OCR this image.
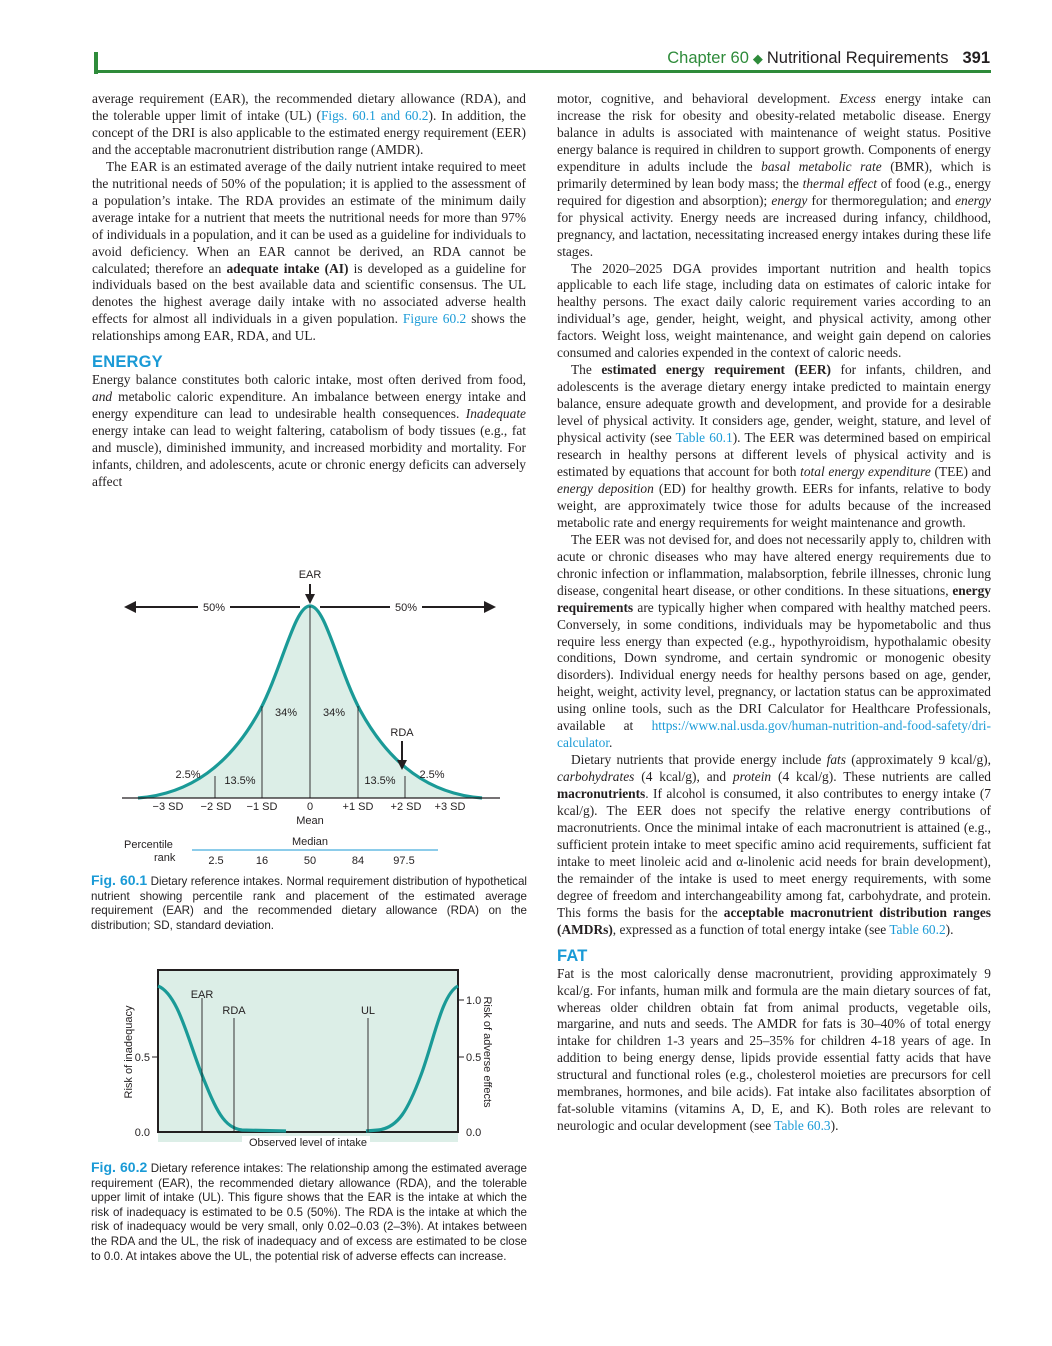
Chapter 60 ◆ Nutritional Requirements 391

average requirement (EAR), the recommended dietary allowance (RDA), and the tolerable upper limit of intake (UL) (Figs. 60.1 and 60.2). In addition, the concept of the DRI is also applicable to the estimated energy requirement (EER) and the acceptable macronutrient distribution range (AMDR).

The EAR is an estimated average of the daily nutrient intake required to meet the nutritional needs of 50% of the population; it is applied to the assessment of a population’s intake. The RDA provides an estimate of the minimum daily average intake for a nutrient that meets the nutritional needs for more than 97% of individuals in a population, and it can be used as a guideline for individuals to avoid deficiency. When an EAR cannot be derived, an RDA cannot be calculated; therefore an adequate intake (AI) is developed as a guideline for individuals based on the best available data and scientific consensus. The UL denotes the highest average daily intake with no associated adverse health effects for almost all individuals in a given population. Figure 60.2 shows the relationships among EAR, RDA, and UL.

ENERGY

Energy balance constitutes both caloric intake, most often derived from food, and metabolic caloric expenditure. An imbalance between energy intake and energy expenditure can lead to undesirable health consequences. Inadequate energy intake can lead to weight faltering, catabolism of body tissues (e.g., fat and muscle), diminished immunity, and increased morbidity and mortality. For infants, children, and adolescents, acute or chronic energy deficits can adversely affect

50%	50%
EAR
RDA
34% 34%
13.5%	13.5%
2.5%	2.5%
−3 SD −2 SD −1 SD	0	+1 SD +2 SD +3 SD
Mean
Median
Percentile
rank	2.5	16	50	84	97.5
Fig. 60.1 Dietary reference intakes. Normal requirement distribution of hypothetical nutrient showing percentile rank and placement of the estimated average requirement (EAR) and the recommended dietary allowance (RDA) on the distribution; SD, standard deviation.
EAR
RDA	UL
0.5
0.0
1.0
0.5
0.0
Observed level of intake
Risk of inadequacy	Risk of adverse effects
Fig. 60.2 Dietary reference intakes: The relationship among the estimated average requirement (EAR), the recommended dietary allowance (RDA), and the tolerable upper limit of intake (UL). This figure shows that the EAR is the intake at which the risk of inadequacy is estimated to be 0.5 (50%). The RDA is the intake at which the risk of inadequacy would be very small, only 0.02–0.03 (2–3%). At intakes between the RDA and the UL, the risk of inadequacy and of excess are estimated to be close to 0.0. At intakes above the UL, the potential risk of adverse effects can increase.

motor, cognitive, and behavioral development. Excess energy intake can increase the risk for obesity and obesity-related metabolic disease. Energy balance in adults is associated with maintenance of weight status. Positive energy balance is required in children to support growth. Components of energy expenditure in adults include the basal metabolic rate (BMR), which is primarily determined by lean body mass; the thermal effect of food (e.g., energy required for digestion and absorption); energy for thermoregulation; and energy for physical activity. Energy needs are increased during infancy, childhood, pregnancy, and lactation, necessitating increased energy intakes during these life stages.

The 2020–2025 DGA provides important nutrition and health topics applicable to each life stage, including data on estimates of caloric intake for healthy persons. The exact daily caloric requirement varies according to an individual’s age, gender, height, weight, and physical activity, among other factors. Weight loss, weight maintenance, and weight gain depend on calories consumed and calories expended in the context of caloric needs.

The estimated energy requirement (EER) for infants, children, and adolescents is the average dietary energy intake predicted to maintain energy balance, ensure adequate growth and development, and provide for a desirable level of physical activity. It considers age, gender, weight, stature, and level of physical activity (see Table 60.1). The EER was determined based on empirical research in healthy persons at different levels of physical activity and is estimated by equations that account for both total energy expenditure (TEE) and energy deposition (ED) for healthy growth. EERs for infants, relative to body weight, are approximately twice those for adults because of the increased metabolic rate and energy requirements for weight maintenance and growth.

The EER was not devised for, and does not necessarily apply to, children with acute or chronic diseases who may have altered energy requirements due to chronic infection or inflammation, malabsorption, febrile illnesses, chronic lung disease, congenital heart disease, or other conditions. In these situations, energy requirements are typically higher when compared with healthy matched peers. Conversely, in some conditions, individuals may be hypometabolic and thus require less energy than expected (e.g., hypothyroidism, hypothalamic obesity conditions, Down syndrome, and certain syndromic or monogenic obesity disorders). Individual energy needs for healthy persons based on age, gender, height, weight, activity level, pregnancy, or lactation status can be approximated using online tools, such as the DRI Calculator for Healthcare Professionals, available at https://www.nal.usda.gov/human-nutrition-and-food-safety/dri-calculator.

Dietary nutrients that provide energy include fats (approximately 9 kcal/g), carbohydrates (4 kcal/g), and protein (4 kcal/g). These nutrients are called macronutrients. If alcohol is consumed, it also contributes to energy intake (7 kcal/g). The EER does not specify the relative energy contributions of macronutrients. Once the minimal intake of each macronutrient is attained (e.g., sufficient protein intake to meet specific amino acid requirements, sufficient fat intake to meet linoleic acid and α-linolenic acid needs for brain development), the remainder of the intake is used to meet energy requirements, with some degree of freedom and interchangeability among fat, carbohydrate, and protein. This forms the basis for the acceptable macronutrient distribution ranges (AMDRs), expressed as a function of total energy intake (see Table 60.2).

FAT

Fat is the most calorically dense macronutrient, providing approximately 9 kcal/g. For infants, human milk and formula are the main dietary sources of fat, whereas older children obtain fat from animal products, vegetable oils, margarine, and nuts and seeds. The AMDR for fats is 30–40% of total energy intake for children 1-3 years and 25–35% for children 4-18 years of age. In addition to being energy dense, lipids provide essential fatty acids that have structural and functional roles (e.g., cholesterol moieties are precursors for cell membranes, hormones, and bile acids). Fat intake also facilitates absorption of fat-soluble vitamins (vitamins A, D, E, and K). Both roles are relevant to neurologic and ocular development (see Table 60.3).
